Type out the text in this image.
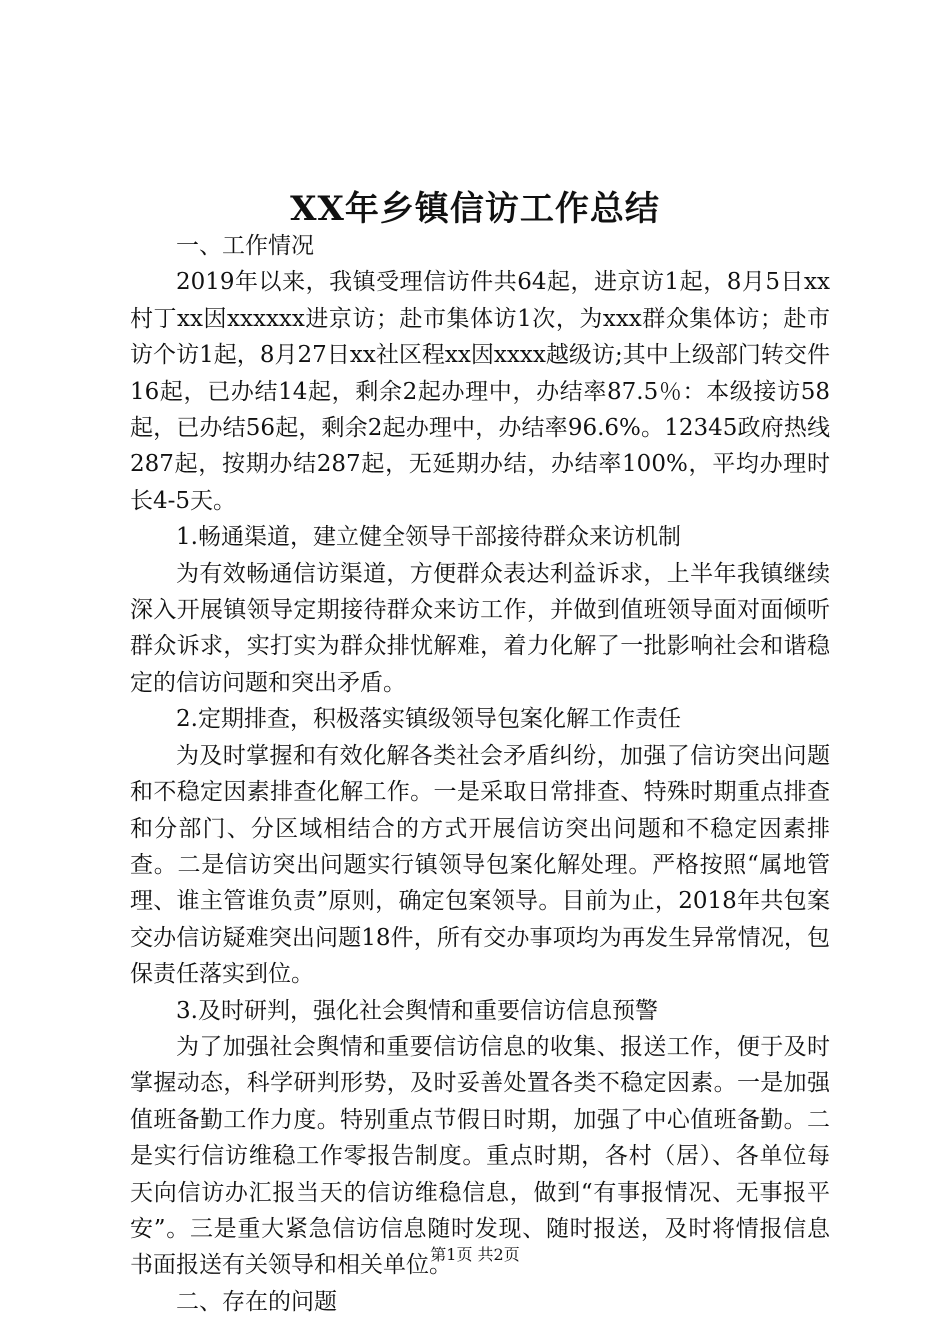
XX年乡镇信访工作总结

一、工作情况

2019年以来，我镇受理信访件共64起，进京访1起，8月5日xx村丁xx因xxxxxx进京访；赴市集体访1次，为xxx群众集体访；赴市访个访1起，8月27日xx社区程xx因xxxx越级访;其中上级部门转交件16起，已办结14起，剩余2起办理中，办结率87.5％：本级接访58起，已办结56起，剩余2起办理中，办结率96.6%。12345政府热线287起，按期办结287起，无延期办结，办结率100%，平均办理时长4-5天。

1.畅通渠道，建立健全领导干部接待群众来访机制

为有效畅通信访渠道，方便群众表达利益诉求，上半年我镇继续深入开展镇领导定期接待群众来访工作，并做到值班领导面对面倾听群众诉求，实打实为群众排忧解难，着力化解了一批影响社会和谐稳定的信访问题和突出矛盾。

2.定期排查，积极落实镇级领导包案化解工作责任

为及时掌握和有效化解各类社会矛盾纠纷，加强了信访突出问题和不稳定因素排查化解工作。一是采取日常排查、特殊时期重点排查和分部门、分区域相结合的方式开展信访突出问题和不稳定因素排查。二是信访突出问题实行镇领导包案化解处理。严格按照“属地管理、谁主管谁负责”原则，确定包案领导。目前为止，2018年共包案交办信访疑难突出问题18件，所有交办事项均为再发生异常情况，包保责任落实到位。

3.及时研判，强化社会舆情和重要信访信息预警

为了加强社会舆情和重要信访信息的收集、报送工作，便于及时掌握动态，科学研判形势，及时妥善处置各类不稳定因素。一是加强值班备勤工作力度。特别重点节假日时期，加强了中心值班备勤。二是实行信访维稳工作零报告制度。重点时期，各村（居）、各单位每天向信访办汇报当天的信访维稳信息，做到“有事报情况、无事报平安”。三是重大紧急信访信息随时发现、随时报送，及时将情报信息书面报送有关领导和相关单位。

二、存在的问题

第1页 共2页
